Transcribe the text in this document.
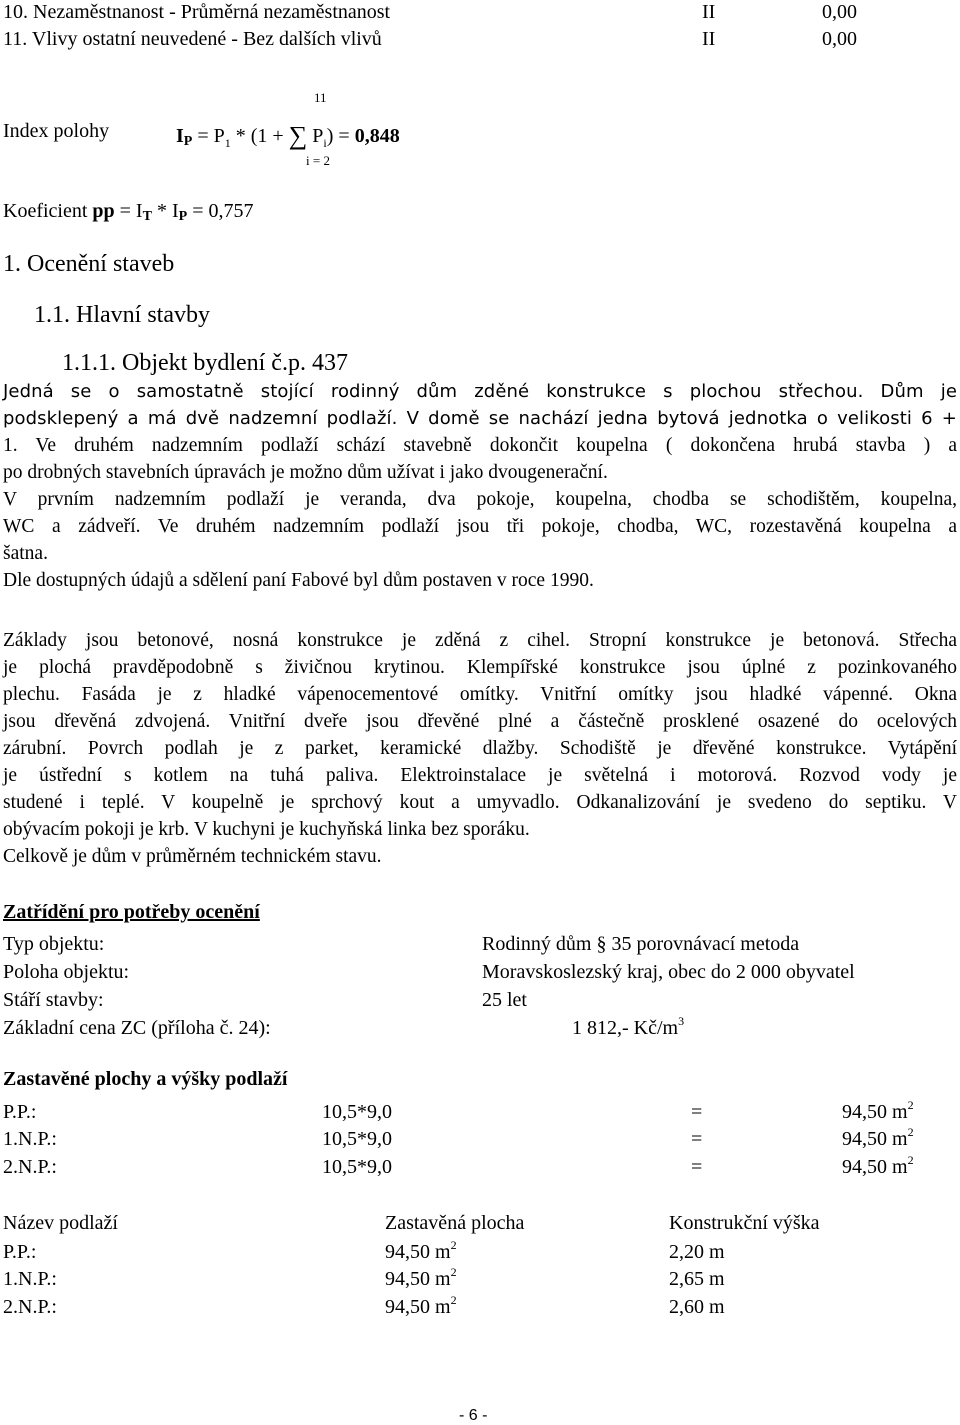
10. Nezaměstnanost - Průměrná nezaměstnanost	II	0,00
11. Vlivy ostatní neuvedené - Bez dalších vlivů	II	0,00
11
Index polohy	IP = $P_1 * (1$ + ∑ $P_i) = 0,848$
i = 2
Koeficient pp = IT * IP = 0,757
1. Ocenění staveb
1.1. Hlavní stavby
1.1.1. Objekt bydlení č.p. 437
Jedná se o samostatně stojící rodinný dům zděné konstrukce s plochou střechou. Dům je
podsklepený a má dvě nadzemní podlaží. V domě se nachází jedna bytová jednotka o velikosti 6 +
1. Ve druhém nadzemním podlaží schází stavebně dokončit koupelna ( dokončena hrubá stavba ) a
po drobných stavebních úpravách je možno dům užívat i jako dvougenerační.
V prvním nadzemním podlaží je veranda, dva pokoje, koupelna, chodba se schodištěm, koupelna,
WC a zádveří. Ve druhém nadzemním podlaží jsou tři pokoje, chodba, WC, rozestavěná koupelna a
šatna.
Dle dostupných údajů a sdělení paní Fabové byl dům postaven v roce 1990.
Základy jsou betonové, nosná konstrukce je zděná z cihel. Stropní konstrukce je betonová. Střecha
je plochá pravděpodobně s živičnou krytinou. Klempířské konstrukce jsou úplné z pozinkovaného
plechu. Fasáda je z hladké vápenocementové omítky. Vnitřní omítky jsou hladké vápenné. Okna
jsou dřevěná zdvojená. Vnitřní dveře jsou dřevěné plné a částečně prosklené osazené do ocelových
zárubní. Povrch podlah je z parket, keramické dlažby. Schodiště je dřevěné konstrukce. Vytápění
je ústřední s kotlem na tuhá paliva. Elektroinstalace je světelná i motorová. Rozvod vody je
studené i teplé. V koupelně je sprchový kout a umyvadlo. Odkanalizování je svedeno do septiku. V
obývacím pokoji je krb. V kuchyni je kuchyňská linka bez sporáku.
Celkově je dům v průměrném technickém stavu.
Zatřídění pro potřeby ocenění
Typ objektu:	Rodinný dům § 35 porovnávací metoda
Poloha objektu:	Moravskoslezský kraj, obec do 2 000 obyvatel
Stáří stavby:	25 let
Základní cena ZC (příloha č. 24):	1 812,- $Kč/m^3$
Zastavěné plochy a výšky podlaží
P.P.:	10,5*9,0	=	94,50 $m^2$
1.N.P.:	10,5*9,0	=	94,50 $m^2$
2.N.P.:	10,5*9,0	=	94,50 $m^2$
Název podlaží	Zastavěná plocha	Konstrukční výška
P.P.:	94,50 $m^2$	2,20 m
1.N.P.:	94,50 $m^2$	2,65 m
2.N.P.:	94,50 $m^2$	2,60 m
- 6 -
